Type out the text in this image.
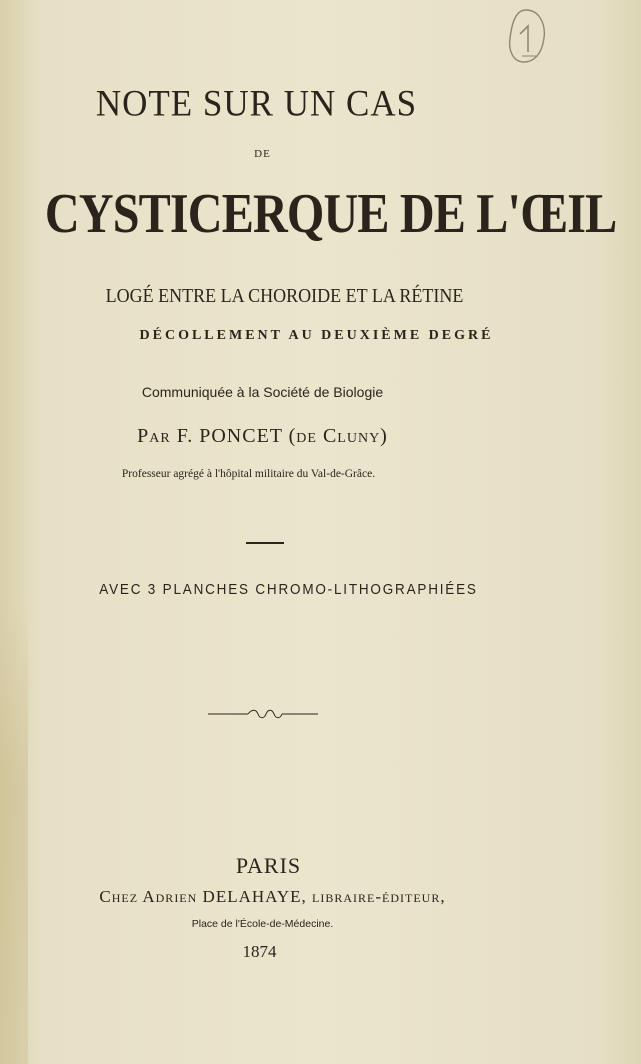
NOTE SUR UN CAS
DE
CYSTICERQUE DE L'ŒIL
LOGÉ ENTRE LA CHOROIDE ET LA RÉTINE
DÉCOLLEMENT AU DEUXIÈME DEGRÉ
Communiquée à la Société de Biologie
Par F. PONCET (de Cluny)
Professeur agrégé à l'hôpital militaire du Val-de-Grâce.
AVEC 3 PLANCHES CHROMO-LITHOGRAPHIÉES
PARIS
Chez Adrien DELAHAYE, libraire-éditeur,
Place de l'École-de-Médecine.
1874
